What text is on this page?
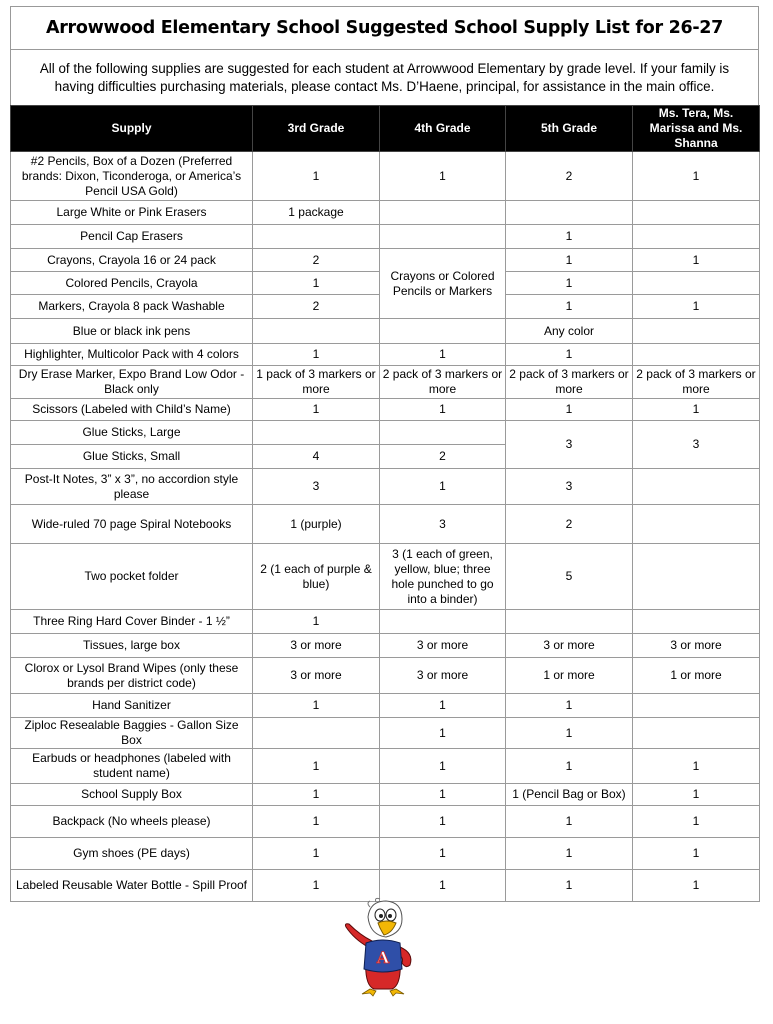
Arrowwood Elementary School Suggested School Supply List for 26-27
All of the following supplies are suggested for each student at Arrowwood Elementary by grade level. If your family is having difficulties purchasing materials, please contact Ms. D’Haene, principal, for assistance in the main office.
Supply	3rd Grade	4th Grade	5th Grade	Ms. Tera, Ms. Marissa and Ms. Shanna
#2 Pencils, Box of a Dozen (Preferred brands: Dixon, Ticonderoga, or America’s Pencil USA Gold)	1	1	2	1
Large White or Pink Erasers	1 package			
Pencil Cap Erasers			1	
Crayons, Crayola 16 or 24 pack	2	Crayons or Colored Pencils or Markers	1	1
Colored Pencils, Crayola	1		1	
Markers, Crayola 8 pack Washable	2		1	1
Blue or black ink pens			Any color	
Highlighter, Multicolor Pack with 4 colors	1	1	1	
Dry Erase Marker, Expo Brand Low Odor - Black only	1 pack of 3 markers or more	2 pack of 3 markers or more	2 pack of 3 markers or more	2 pack of 3 markers or more
Scissors (Labeled with Child’s Name)	1	1	1	1
Glue Sticks, Large			3	3
Glue Sticks, Small	4	2		
Post-It Notes, 3” x 3”, no accordion style please	3	1	3	
Wide-ruled 70 page Spiral Notebooks	1 (purple)	3	2	
Two pocket folder	2 (1 each of purple & blue)	3 (1 each of green, yellow, blue; three hole punched to go into a binder)	5	
Three Ring Hard Cover Binder - 1 ½”	1			
Tissues, large box	3 or more	3 or more	3 or more	3 or more
Clorox or Lysol Brand Wipes (only these brands per district code)	3 or more	3 or more	1 or more	1 or more
Hand Sanitizer	1	1	1	
Ziploc Resealable Baggies - Gallon Size Box		1	1	
Earbuds or headphones (labeled with student name)	1	1	1	1
School Supply Box	1	1	1 (Pencil Bag or Box)	1
Backpack (No wheels please)	1	1	1	1
Gym shoes (PE days)	1	1	1	1
Labeled Reusable Water Bottle - Spill Proof	1	1	1	1
A
